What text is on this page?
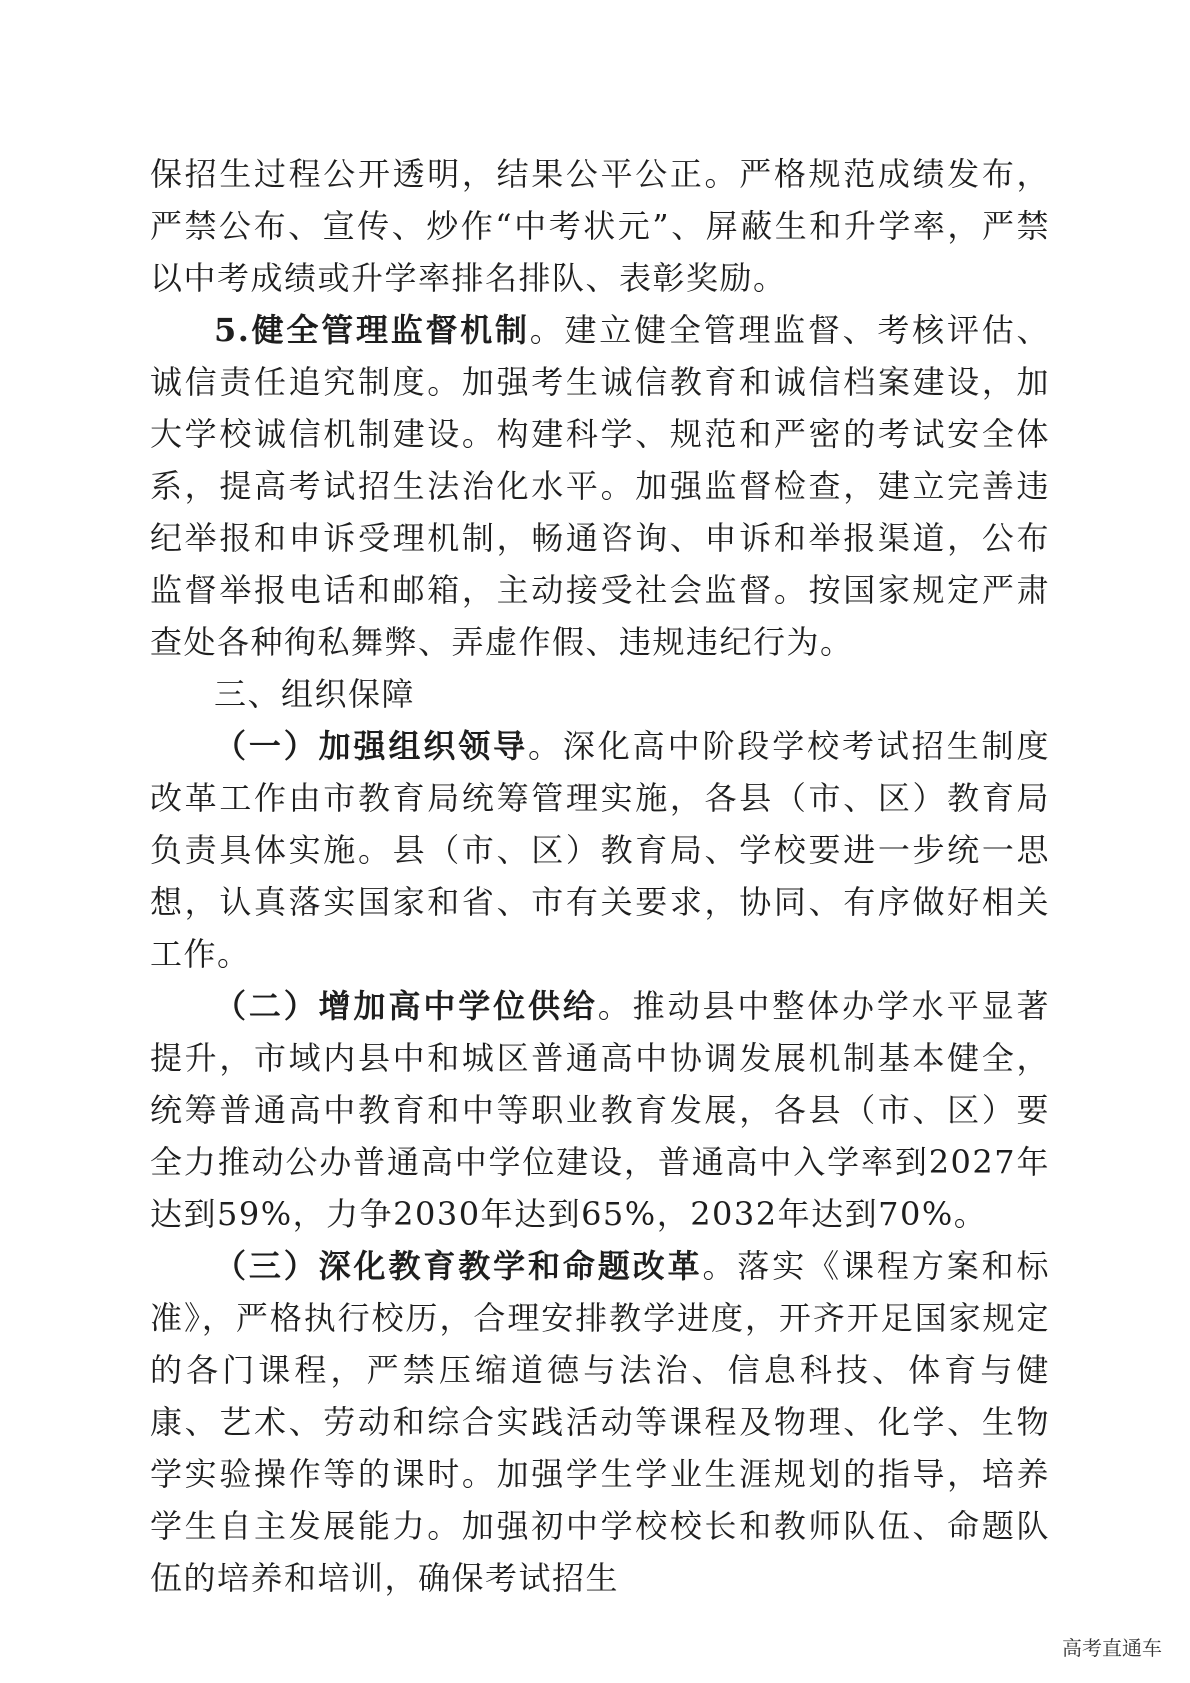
保招生过程公开透明，结果公平公正。严格规范成绩发布，严禁公布、宣传、炒作“中考状元”、屏蔽生和升学率，严禁以中考成绩或升学率排名排队、表彰奖励。

5.健全管理监督机制。建立健全管理监督、考核评估、诚信责任追究制度。加强考生诚信教育和诚信档案建设，加大学校诚信机制建设。构建科学、规范和严密的考试安全体系，提高考试招生法治化水平。加强监督检查，建立完善违纪举报和申诉受理机制，畅通咨询、申诉和举报渠道，公布监督举报电话和邮箱，主动接受社会监督。按国家规定严肃查处各种徇私舞弊、弄虚作假、违规违纪行为。

三、组织保障

（一）加强组织领导。深化高中阶段学校考试招生制度改革工作由市教育局统筹管理实施，各县（市、区）教育局负责具体实施。县（市、区）教育局、学校要进一步统一思想，认真落实国家和省、市有关要求，协同、有序做好相关工作。

（二）增加高中学位供给。推动县中整体办学水平显著提升，市域内县中和城区普通高中协调发展机制基本健全，统筹普通高中教育和中等职业教育发展，各县（市、区）要全力推动公办普通高中学位建设，普通高中入学率到2027年达到59%，力争2030年达到65%，2032年达到70%。

（三）深化教育教学和命题改革。落实《课程方案和标准》，严格执行校历，合理安排教学进度，开齐开足国家规定的各门课程，严禁压缩道德与法治、信息科技、体育与健康、艺术、劳动和综合实践活动等课程及物理、化学、生物学实验操作等的课时。加强学生学业生涯规划的指导，培养学生自主发展能力。加强初中学校校长和教师队伍、命题队伍的培养和培训，确保考试招生

高考直通车
